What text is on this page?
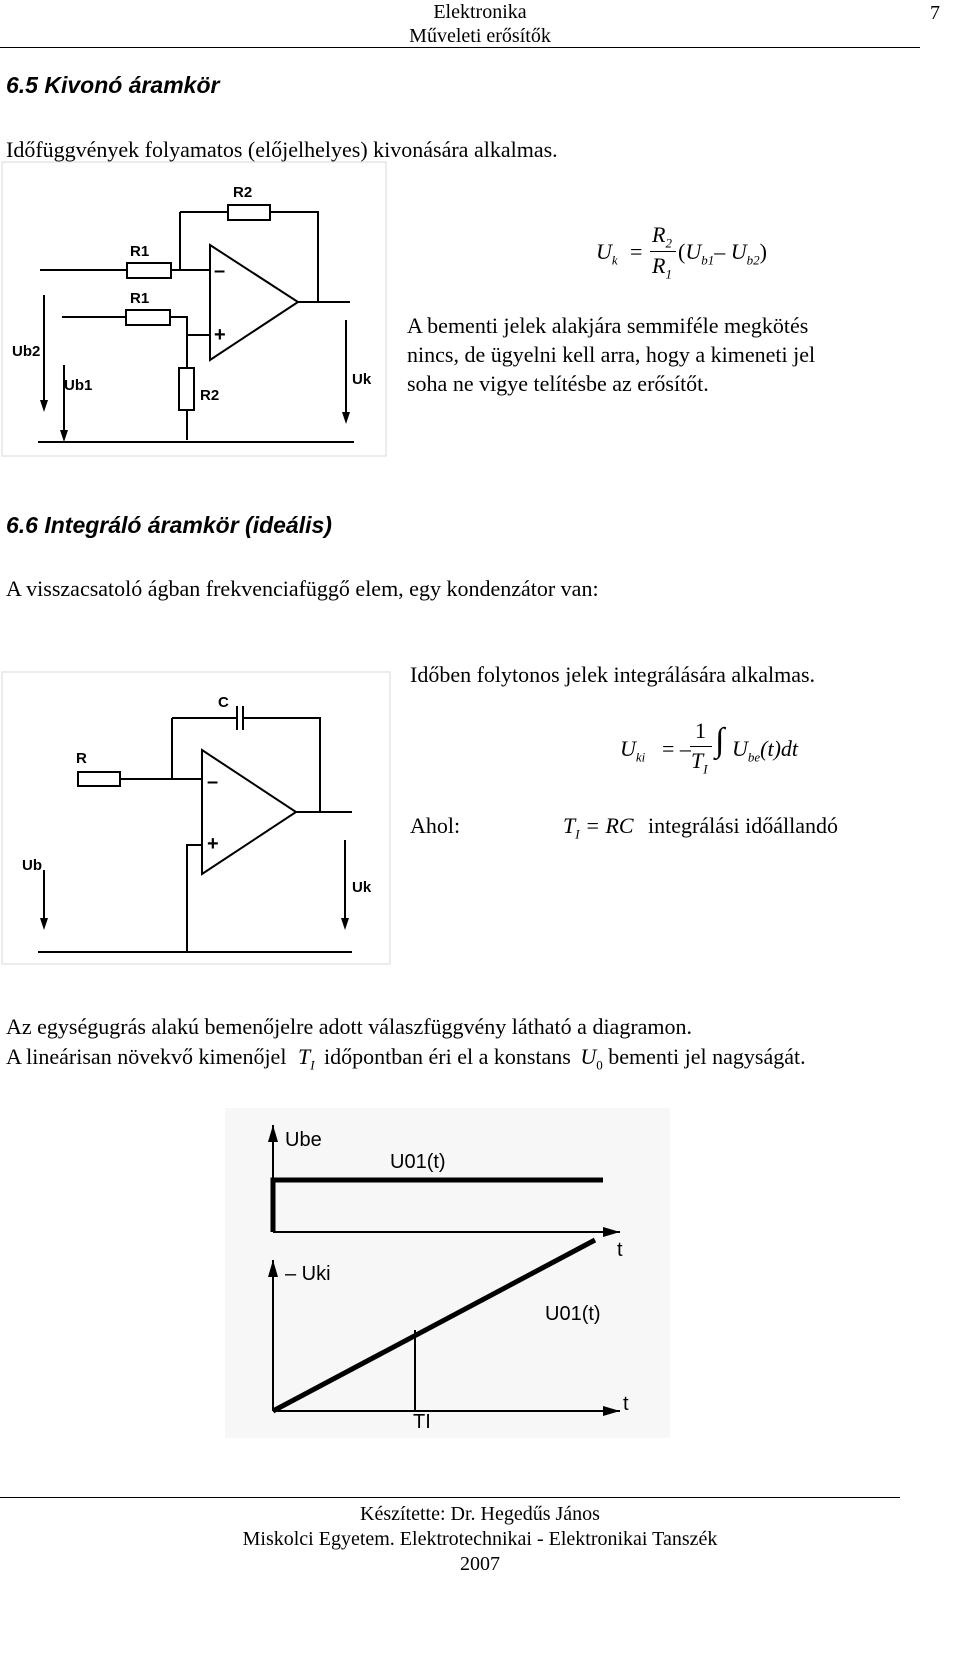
Elektronika
Műveleti erősítők
7
6.5 Kivonó áramkör
Időfüggvények folyamatos (előjelhelyes) kivonására alkalmas.
R2
R1
R1
R2
Ub2
Ub1	Uk
–
+
$U_k$ =
$R_2$
$R_1$
($U_{b1}-$ $U_{b2}$)
A bementi jelek alakjára semmiféle megkötés
nincs, de ügyelni kell arra, hogy a kimeneti jel
soha ne vigye telítésbe az erősítőt.
6.6 Integráló áramkör (ideális)
A visszacsatoló ágban frekvenciafüggő elem, egy kondenzátor van:
Időben folytonos jelek integrálására alkalmas.
C
R
Ub
Uk
–
+
$U_{ki}$ = –
1
$T_I$
∫ $U_{be}(t)dt$
Ahol:	$T_I$ = RC integrálási időállandó
Az egységugrás alakú bemenőjelre adott válaszfüggvény látható a diagramon.
A lineárisan növekvő kimenőjel $T_I$ időpontban éri el a konstans $U_0$ bementi jel nagyságát.
Ube
U01(t)
t
– Uki
U01(t)
TI
t
Készítette: Dr. Hegedűs János
Miskolci Egyetem. Elektrotechnikai - Elektronikai Tanszék
2007
